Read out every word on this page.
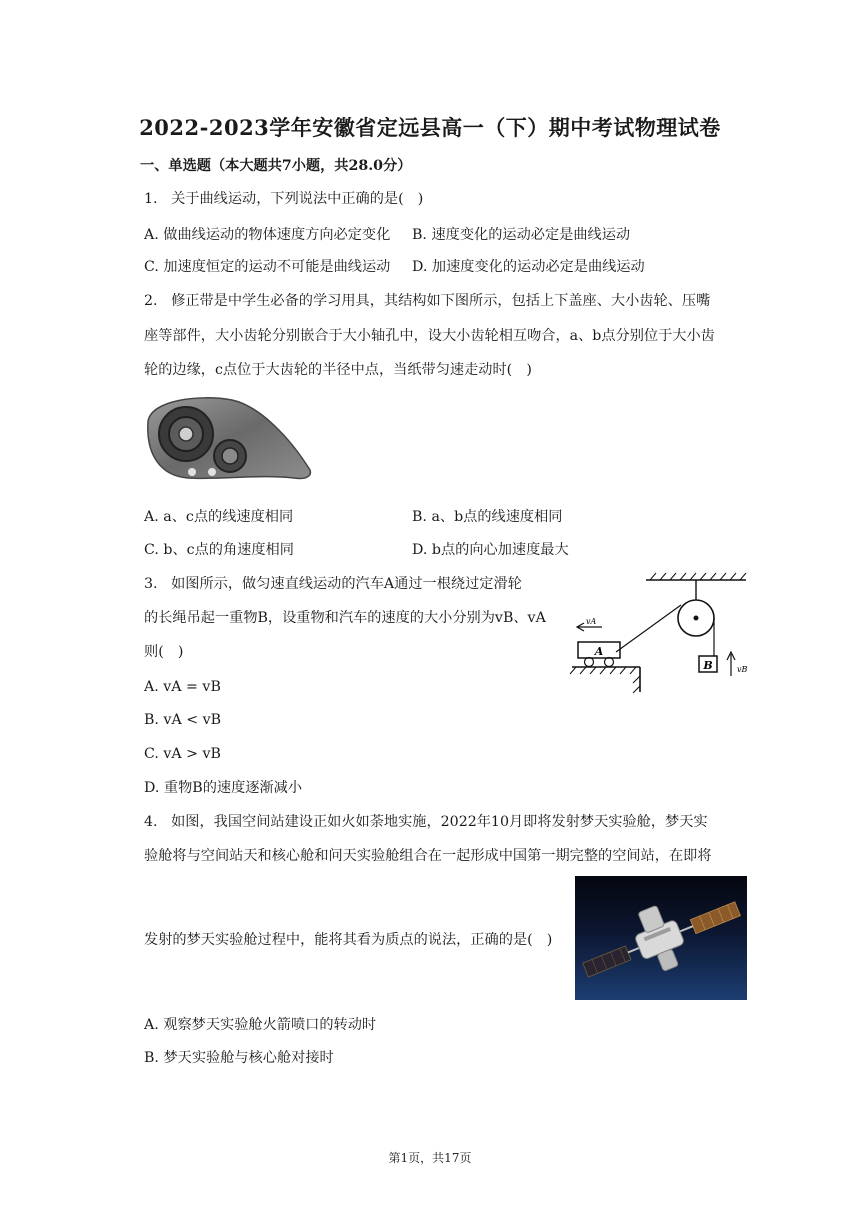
2022-2023学年安徽省定远县高一（下）期中考试物理试卷
一、单选题（本大题共7小题，共28.0分）
1. 关于曲线运动，下列说法中正确的是(　)
A. 做曲线运动的物体速度方向必定变化 B. 速度变化的运动必定是曲线运动
C. 加速度恒定的运动不可能是曲线运动 D. 加速度变化的运动必定是曲线运动
2. 修正带是中学生必备的学习用具，其结构如下图所示，包括上下盖座、大小齿轮、压嘴
座等部件，大小齿轮分别嵌合于大小轴孔中，设大小齿轮相互吻合，a、b点分别位于大小齿
轮的边缘，c点位于大齿轮的半径中点，当纸带匀速走动时(　)
A. a、c点的线速度相同	B. a、b点的线速度相同
C. b、c点的角速度相同	D. b点的向心加速度最大
3. 如图所示，做匀速直线运动的汽车A通过一根绕过定滑轮
的长绳吊起一重物B，设重物和汽车的速度的大小分别为vB、vA
则(　)
A. vA = vB
B. vA < vB
C. vA > vB
D. 重物B的速度逐渐减小
B	vB
A
vA
4. 如图，我国空间站建设正如火如荼地实施，2022年10月即将发射梦天实验舱，梦天实
验舱将与空间站天和核心舱和问天实验舱组合在一起形成中国第一期完整的空间站，在即将
发射的梦天实验舱过程中，能将其看为质点的说法，正确的是(　)
A. 观察梦天实验舱火箭喷口的转动时
B. 梦天实验舱与核心舱对接时
第1页，共17页
